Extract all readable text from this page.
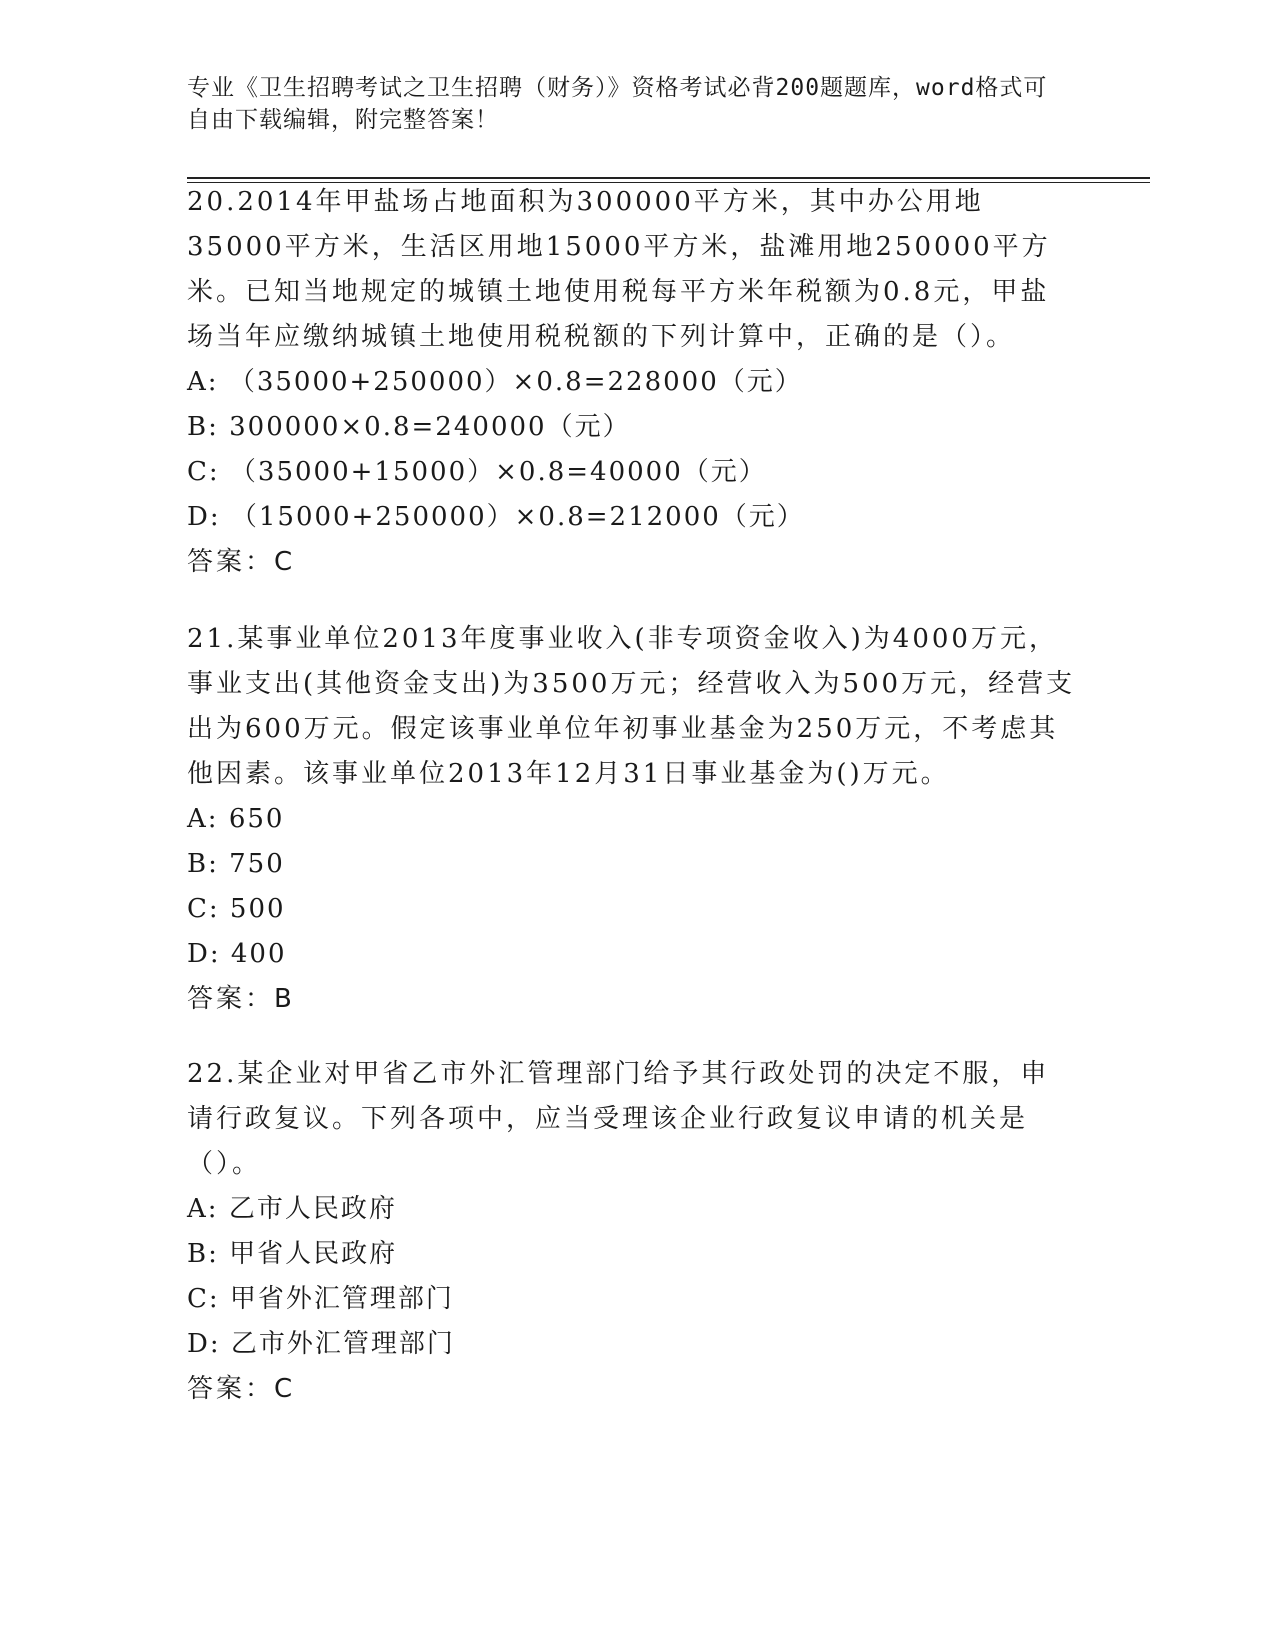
专业《卫生招聘考试之卫生招聘（财务）》资格考试必背200题题库，word格式可自由下载编辑，附完整答案！

20.2014年甲盐场占地面积为300000平方米，其中办公用地35000平方米，生活区用地15000平方米，盐滩用地250000平方米。已知当地规定的城镇土地使用税每平方米年税额为0.8元，甲盐场当年应缴纳城镇土地使用税税额的下列计算中，正确的是（）。

A: （35000+250000）×0.8=228000（元）

B: 300000×0.8=240000（元）

C: （35000+15000）×0.8=40000（元）

D: （15000+250000）×0.8=212000（元）

答案：C

21.某事业单位2013年度事业收入(非专项资金收入)为4000万元，事业支出(其他资金支出)为3500万元；经营收入为500万元，经营支出为600万元。假定该事业单位年初事业基金为250万元，不考虑其他因素。该事业单位2013年12月31日事业基金为()万元。

A: 650

B: 750

C: 500

D: 400

答案：B

22.某企业对甲省乙市外汇管理部门给予其行政处罚的决定不服，申请行政复议。下列各项中，应当受理该企业行政复议申请的机关是（）。

A: 乙市人民政府

B: 甲省人民政府

C: 甲省外汇管理部门

D: 乙市外汇管理部门

答案：C
